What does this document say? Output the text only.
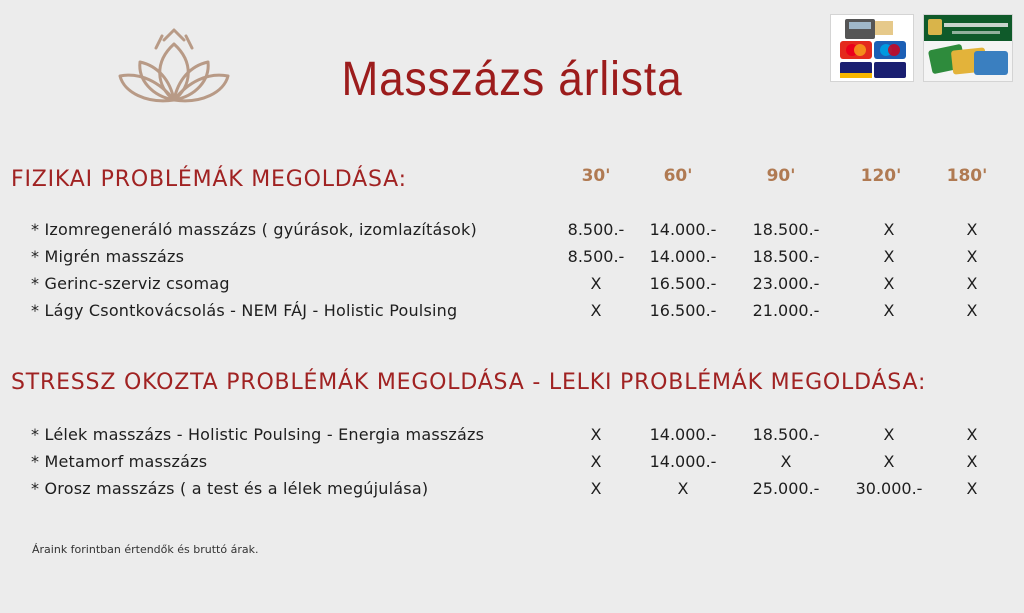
Masszázs árlista
FIZIKAI PROBLÉMÁK MEGOLDÁSA:	30'	60'	90'	120'	180'
* Izomregeneráló masszázs ( gyúrások, izomlazítások)	8.500.-	14.000.-	18.500.-	X	X
* Migrén masszázs	8.500.-	14.000.-	18.500.-	X	X
* Gerinc-szerviz csomag	X	16.500.-	23.000.-	X	X
* Lágy Csontkovácsolás - NEM FÁJ - Holistic Poulsing	X	16.500.-	21.000.-	X	X
STRESSZ OKOZTA PROBLÉMÁK MEGOLDÁSA - LELKI PROBLÉMÁK MEGOLDÁSA:
* Lélek masszázs - Holistic Poulsing - Energia masszázs	X	14.000.-	18.500.-	X	X
* Metamorf masszázs	X	14.000.-	X	X	X
* Orosz masszázs ( a test és a lélek megújulása)	X	X	25.000.-	30.000.-	X
Áraink forintban értendők és bruttó árak.
